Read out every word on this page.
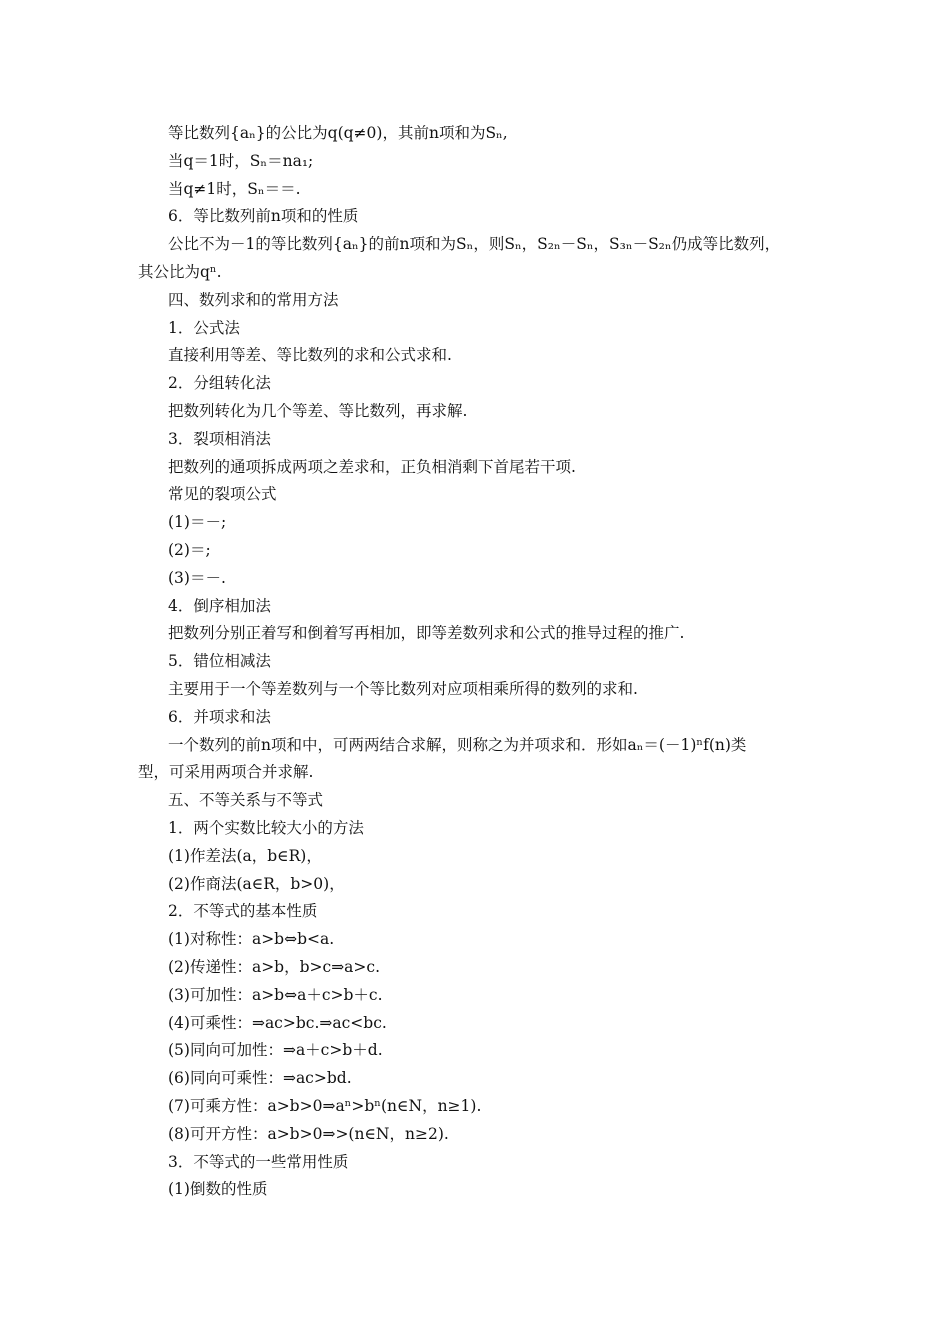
等比数列{aₙ}的公比为q(q≠0)，其前n项和为Sₙ,
当q＝1时，Sₙ＝na₁;
当q≠1时，Sₙ＝＝.
6．等比数列前n项和的性质
公比不为－1的等比数列{aₙ}的前n项和为Sₙ，则Sₙ，S₂ₙ－Sₙ，S₃ₙ－S₂ₙ仍成等比数列，
其公比为qⁿ.
四、数列求和的常用方法
1．公式法
直接利用等差、等比数列的求和公式求和.
2．分组转化法
把数列转化为几个等差、等比数列，再求解.
3．裂项相消法
把数列的通项拆成两项之差求和，正负相消剩下首尾若干项.
常见的裂项公式
(1)＝－;
(2)＝;
(3)＝－.
4．倒序相加法
把数列分别正着写和倒着写再相加，即等差数列求和公式的推导过程的推广.
5．错位相减法
主要用于一个等差数列与一个等比数列对应项相乘所得的数列的求和.
6．并项求和法
一个数列的前n项和中，可两两结合求解，则称之为并项求和．形如aₙ＝(－1)ⁿf(n)类
型，可采用两项合并求解.
五、不等关系与不等式
1．两个实数比较大小的方法
(1)作差法(a，b∈R)，
(2)作商法(a∈R，b>0)，
2．不等式的基本性质
(1)对称性：a>b⇔b<a.
(2)传递性：a>b，b>c⇒a>c.
(3)可加性：a>b⇔a＋c>b＋c.
(4)可乘性：⇒ac>bc.⇒ac<bc.
(5)同向可加性：⇒a＋c>b＋d.
(6)同向可乘性：⇒ac>bd.
(7)可乘方性：a>b>0⇒aⁿ>bⁿ(n∈N，n≥1).
(8)可开方性：a>b>0⇒>(n∈N，n≥2).
3．不等式的一些常用性质
(1)倒数的性质
